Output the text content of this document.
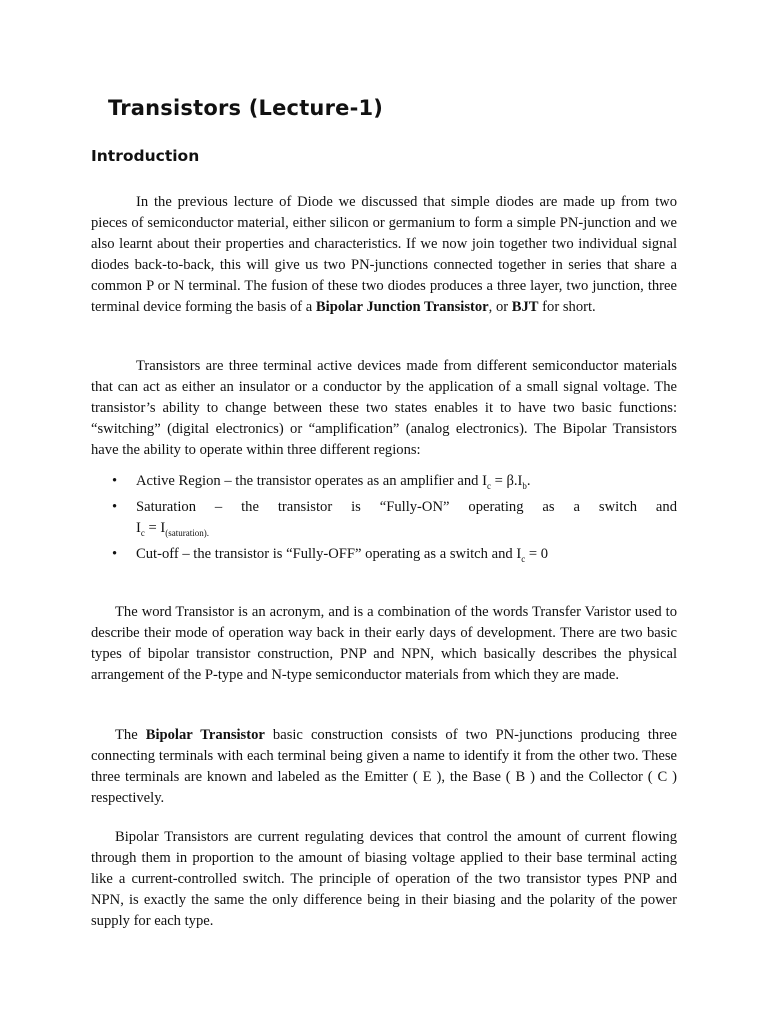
Transistors (Lecture-1)
Introduction

In the previous lecture of Diode we discussed that simple diodes are made up from two pieces of semiconductor material, either silicon or germanium to form a simple PN-junction and we also learnt about their properties and characteristics. If we now join together two individual signal diodes back-to-back, this will give us two PN-junctions connected together in series that share a common P or N terminal. The fusion of these two diodes produces a three layer, two junction, three terminal device forming the basis of a Bipolar Junction Transistor, or BJT for short.

Transistors are three terminal active devices made from different semiconductor materials that can act as either an insulator or a conductor by the application of a small signal voltage. The transistor’s ability to change between these two states enables it to have two basic functions: “switching” (digital electronics) or “amplification” (analog electronics). The Bipolar Transistors have the ability to operate within three different regions:

• Active Region – the transistor operates as an amplifier and $I_c = \beta.I_b$.
• Saturation – the transistor is “Fully-ON” operating as a switch and
$I_c = I_{(saturation).}$
• Cut-off – the transistor is “Fully-OFF” operating as a switch and $I_c = 0$

The word Transistor is an acronym, and is a combination of the words Transfer Varistor used to describe their mode of operation way back in their early days of development. There are two basic types of bipolar transistor construction, PNP and NPN, which basically describes the physical arrangement of the P-type and N-type semiconductor materials from which they are made.

The Bipolar Transistor basic construction consists of two PN-junctions producing three connecting terminals with each terminal being given a name to identify it from the other two. These three terminals are known and labeled as the Emitter ( E ), the Base ( B ) and the Collector ( C ) respectively.

Bipolar Transistors are current regulating devices that control the amount of current flowing through them in proportion to the amount of biasing voltage applied to their base terminal acting like a current-controlled switch. The principle of operation of the two transistor types PNP and NPN, is exactly the same the only difference being in their biasing and the polarity of the power supply for each type.
